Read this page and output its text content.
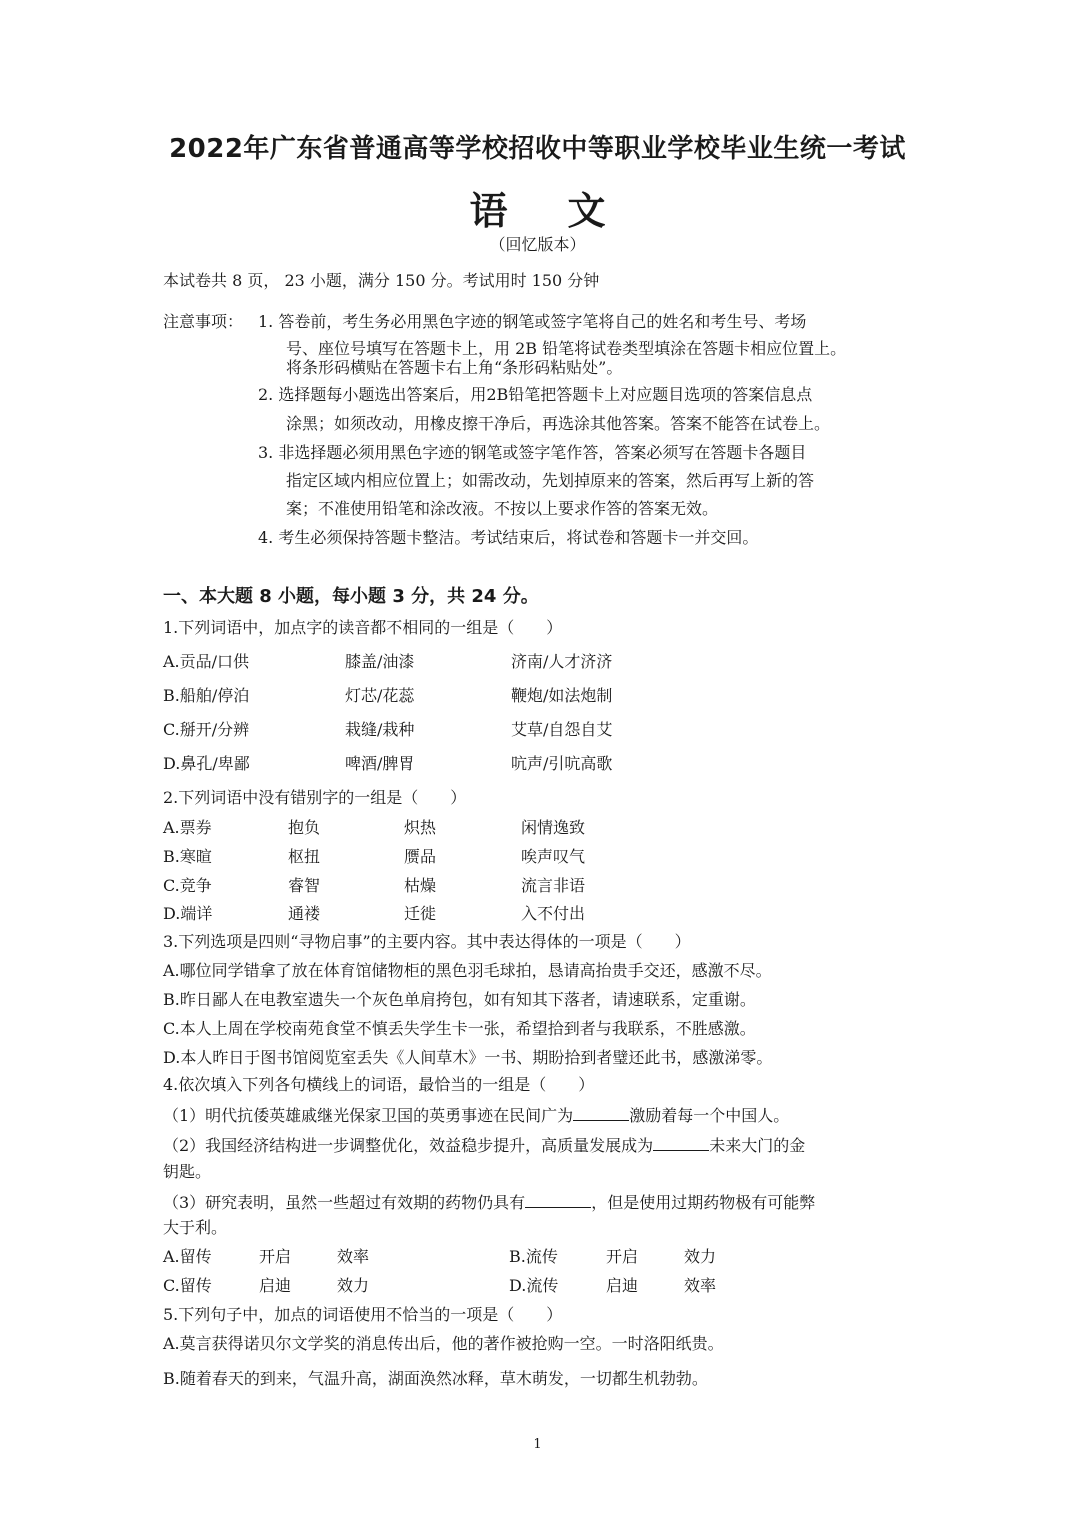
2022年广东省普通高等学校招收中等职业学校毕业生统一考试
语文
（回忆版本）
本试卷共 8 页， 23 小题，满分 150 分。考试用时 150 分钟
注意事项： 1. 答卷前，考生务必用黑色字迹的钢笔或签字笔将自己的姓名和考生号、考场
号、座位号填写在答题卡上，用 2B 铅笔将试卷类型填涂在答题卡相应位置上。
将条形码横贴在答题卡右上角“条形码粘贴处”。
2. 选择题每小题选出答案后，用2B铅笔把答题卡上对应题目选项的答案信息点
涂黑；如须改动，用橡皮擦干净后，再选涂其他答案。答案不能答在试卷上。
3. 非选择题必须用黑色字迹的钢笔或签字笔作答，答案必须写在答题卡各题目
指定区域内相应位置上；如需改动，先划掉原来的答案，然后再写上新的答
案；不准使用铅笔和涂改液。不按以上要求作答的答案无效。
4. 考生必须保持答题卡整洁。考试结束后，将试卷和答题卡一并交回。
一、本大题 8 小题，每小题 3 分，共 24 分。
1.下列词语中，加点字的读音都不相同的一组是（　　）
A.贡品/口供	膝盖/油漆	济南/人才济济
B.船舶/停泊	灯芯/花蕊	鞭炮/如法炮制
C.掰开/分辨	栽缝/栽种	艾草/自怨自艾
D.鼻孔/卑鄙	啤酒/脾胃	吭声/引吭高歌
2.下列词语中没有错别字的一组是（　　）
A.票券	抱负	炽热	闲情逸致
B.寒暄	枢扭	赝品	唉声叹气
C.竞争	睿智	枯燥	流言非语
D.端详	通褛	迁徙	入不付出
3.下列选项是四则“寻物启事”的主要内容。其中表达得体的一项是（　　）
A.哪位同学错拿了放在体育馆储物柜的黑色羽毛球拍，恳请高抬贵手交还，感激不尽。
B.昨日鄙人在电教室遗失一个灰色单肩挎包，如有知其下落者，请速联系，定重谢。
C.本人上周在学校南苑食堂不慎丢失学生卡一张，希望拾到者与我联系，不胜感激。
D.本人昨日于图书馆阅览室丢失《人间草木》一书、期盼拾到者璧还此书，感激涕零。
4.依次填入下列各句横线上的词语，最恰当的一组是（　　）
（1）明代抗倭英雄戚继光保家卫国的英勇事迹在民间广为	激励着每一个中国人。
（2）我国经济结构进一步调整优化，效益稳步提升，高质量发展成为	未来大门的金
钥匙。
（3）研究表明，虽然一些超过有效期的药物仍具有	，但是使用过期药物极有可能弊
大于利。
A.留传	开启	效率	B.流传	开启	效力
C.留传	启迪	效力	D.流传	启迪	效率
5.下列句子中，加点的词语使用不恰当的一项是（　　）
A.莫言获得诺贝尔文学奖的消息传出后，他的著作被抢购一空。一时洛阳纸贵。
B.随着春天的到来，气温升高，湖面涣然冰释，草木萌发，一切都生机勃勃。
1
